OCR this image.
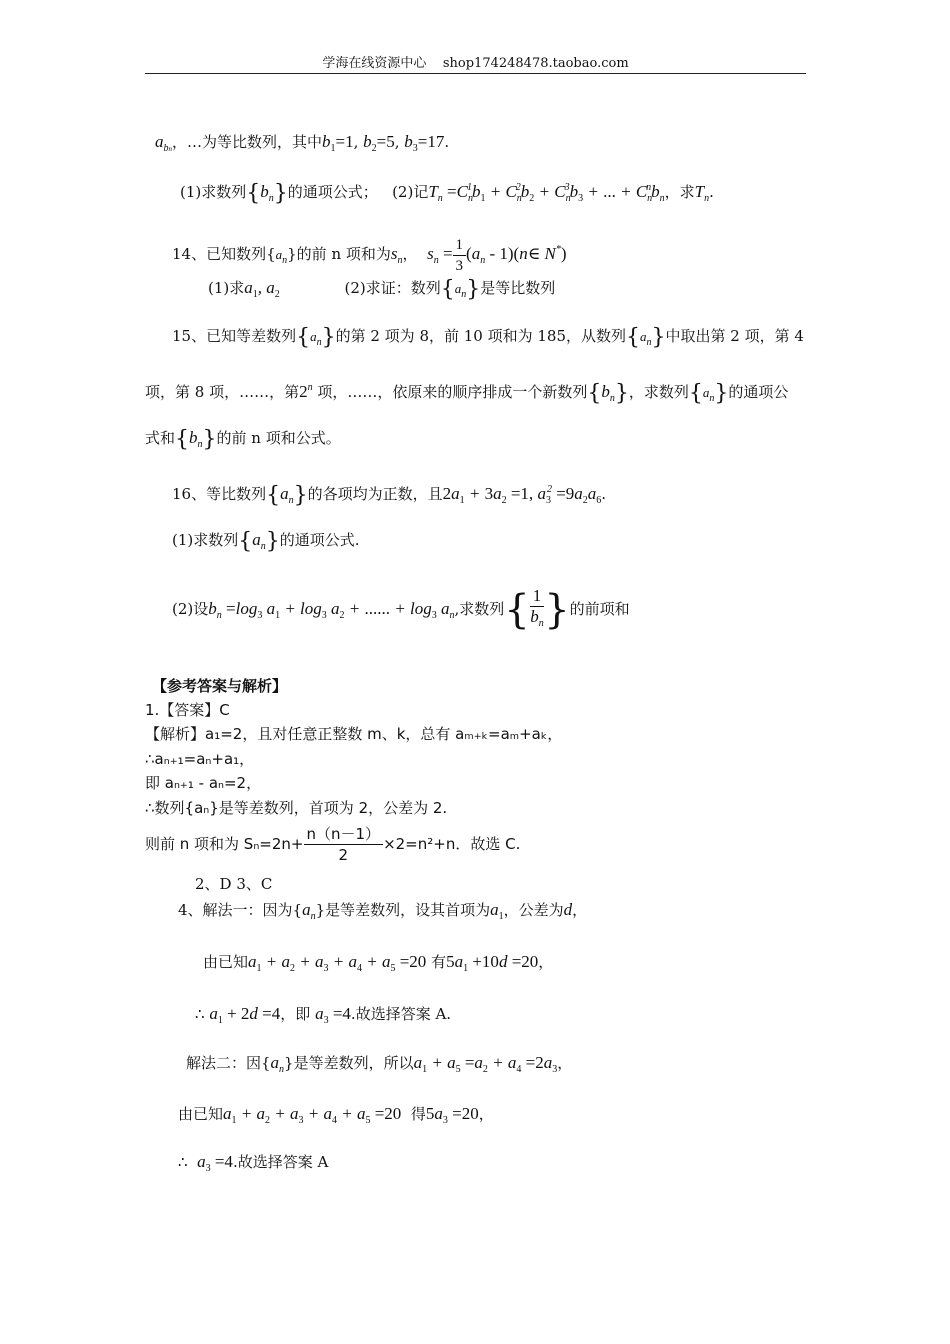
学海在线资源中心    shop174248478.taobao.com
$a_{bn}$，…为等比数列，其中$b_1=1$, $b_2=5$, $b_3=17$.
(1)求数列$\{b_n\}$的通项公式； (2)记$T_n =C_n^1b_1 + C_n^2b_2 + C_n^3b_3$ + ... + $C_n^nb_n$，求$T_n$.
14、已知数列$\{a_n\}$的前 n 项和为$s_n$，  $s_n = \frac{1}{3} (a_n$ - 1)(n∈ N*)
(1)求$a_1$, $a_2$	(2)求证：数列$\{a_n\}$是等比数列
15、已知等差数列$\{a_n\}$的第 2 项为 8，前 10 项和为 185，从数列$\{a_n\}$中取出第 2 项，第 4
项，第 8 项，……，第2$^n$ 项，……，依原来的顺序排成一个新数列$\{b_n\}$，求数列$\{a_n\}$的通项公
式和$\{b_n\}$的前 n 项和公式。
16、等比数列$\{a_n\}$的各项均为正数，且$2a_1 + 3a_2 =1$, $a_3^2 =9a_2a_6$.
(1)求数列$\{a_n\}$的通项公式.
(2)设$b_n =\log_3$ $a_1 + \log_3 a_2$ + ...... + $\log_3 a_n$,求数列{ $\frac{1}{b_n}$ }的前项和
【参考答案与解析】
1.【答案】C
【解析】a₁=2，且对任意正整数 m、k，总有 aₘ₊ₖ=aₘ+aₖ，
∴aₙ₊₁=aₙ+a₁，
即 aₙ₊₁ - aₙ=2，
∴数列{aₙ}是等差数列，首项为 2，公差为 2.
则前 n 项和为 $S_n=2n+ \frac{n(n-1)}{2} \times 2=n^2+n$．故选 C.
2、D 3、C
4、解法一：因为$\{a_n\}$是等差数列，设其首项为$a_1$，公差为d，
由已知$a_1 + a_2 + a_3 + a_4 + a_5 =20$ 有$5a_1 +10d =20$，
∴ $a_1 + 2d =4$，即 $a_3 =4$.故选择答案 A.
解法二：因$\{a_n\}$是等差数列，所以$a_1 + a_5 =a_2 + a_4 =2a_3$，
由已知$a_1 + a_2 + a_3 + a_4 + a_5 =20$ 得$5a_3 =20$，
∴ $a_3 =4$.故选择答案 A
